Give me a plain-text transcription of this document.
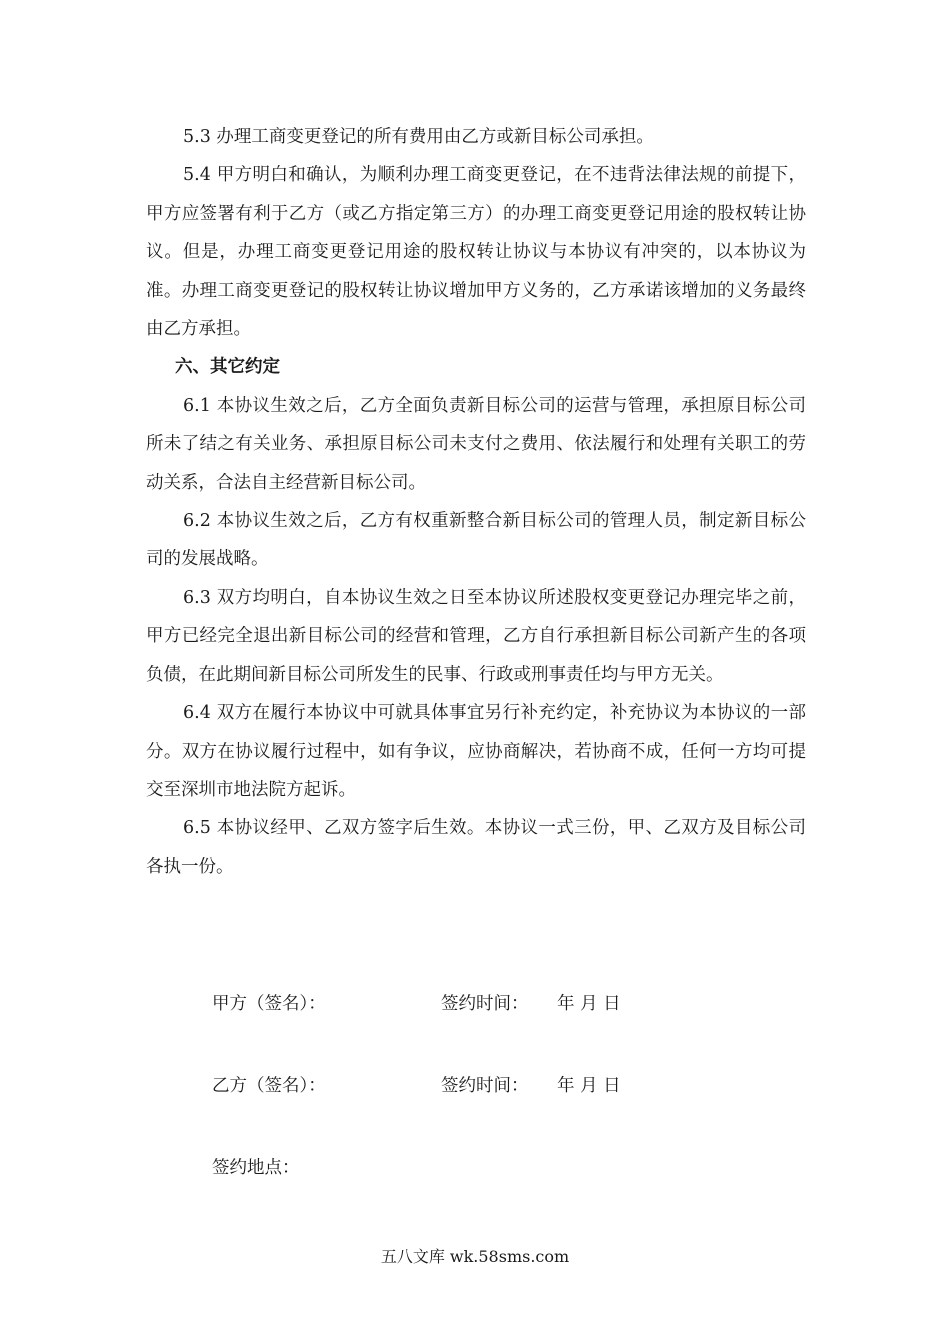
5.3 办理工商变更登记的所有费用由乙方或新目标公司承担。

5.4 甲方明白和确认，为顺利办理工商变更登记，在不违背法律法规的前提下，甲方应签署有利于乙方（或乙方指定第三方）的办理工商变更登记用途的股权转让协议。但是，办理工商变更登记用途的股权转让协议与本协议有冲突的，以本协议为准。办理工商变更登记的股权转让协议增加甲方义务的，乙方承诺该增加的义务最终由乙方承担。

六、其它约定

6.1 本协议生效之后，乙方全面负责新目标公司的运营与管理，承担原目标公司所未了结之有关业务、承担原目标公司未支付之费用、依法履行和处理有关职工的劳动关系，合法自主经营新目标公司。

6.2 本协议生效之后，乙方有权重新整合新目标公司的管理人员，制定新目标公司的发展战略。

6.3 双方均明白，自本协议生效之日至本协议所述股权变更登记办理完毕之前，甲方已经完全退出新目标公司的经营和管理，乙方自行承担新目标公司新产生的各项负债，在此期间新目标公司所发生的民事、行政或刑事责任均与甲方无关。

6.4 双方在履行本协议中可就具体事宜另行补充约定，补充协议为本协议的一部分。双方在协议履行过程中，如有争议，应协商解决，若协商不成，任何一方均可提交至深圳市地法院方起诉。

6.5 本协议经甲、乙双方签字后生效。本协议一式三份，甲、乙双方及目标公司各执一份。

甲方（签名）：	签约时间： 年 月 日
乙方（签名）：	签约时间： 年 月 日
签约地点：
五八文库 wk.58sms.com
